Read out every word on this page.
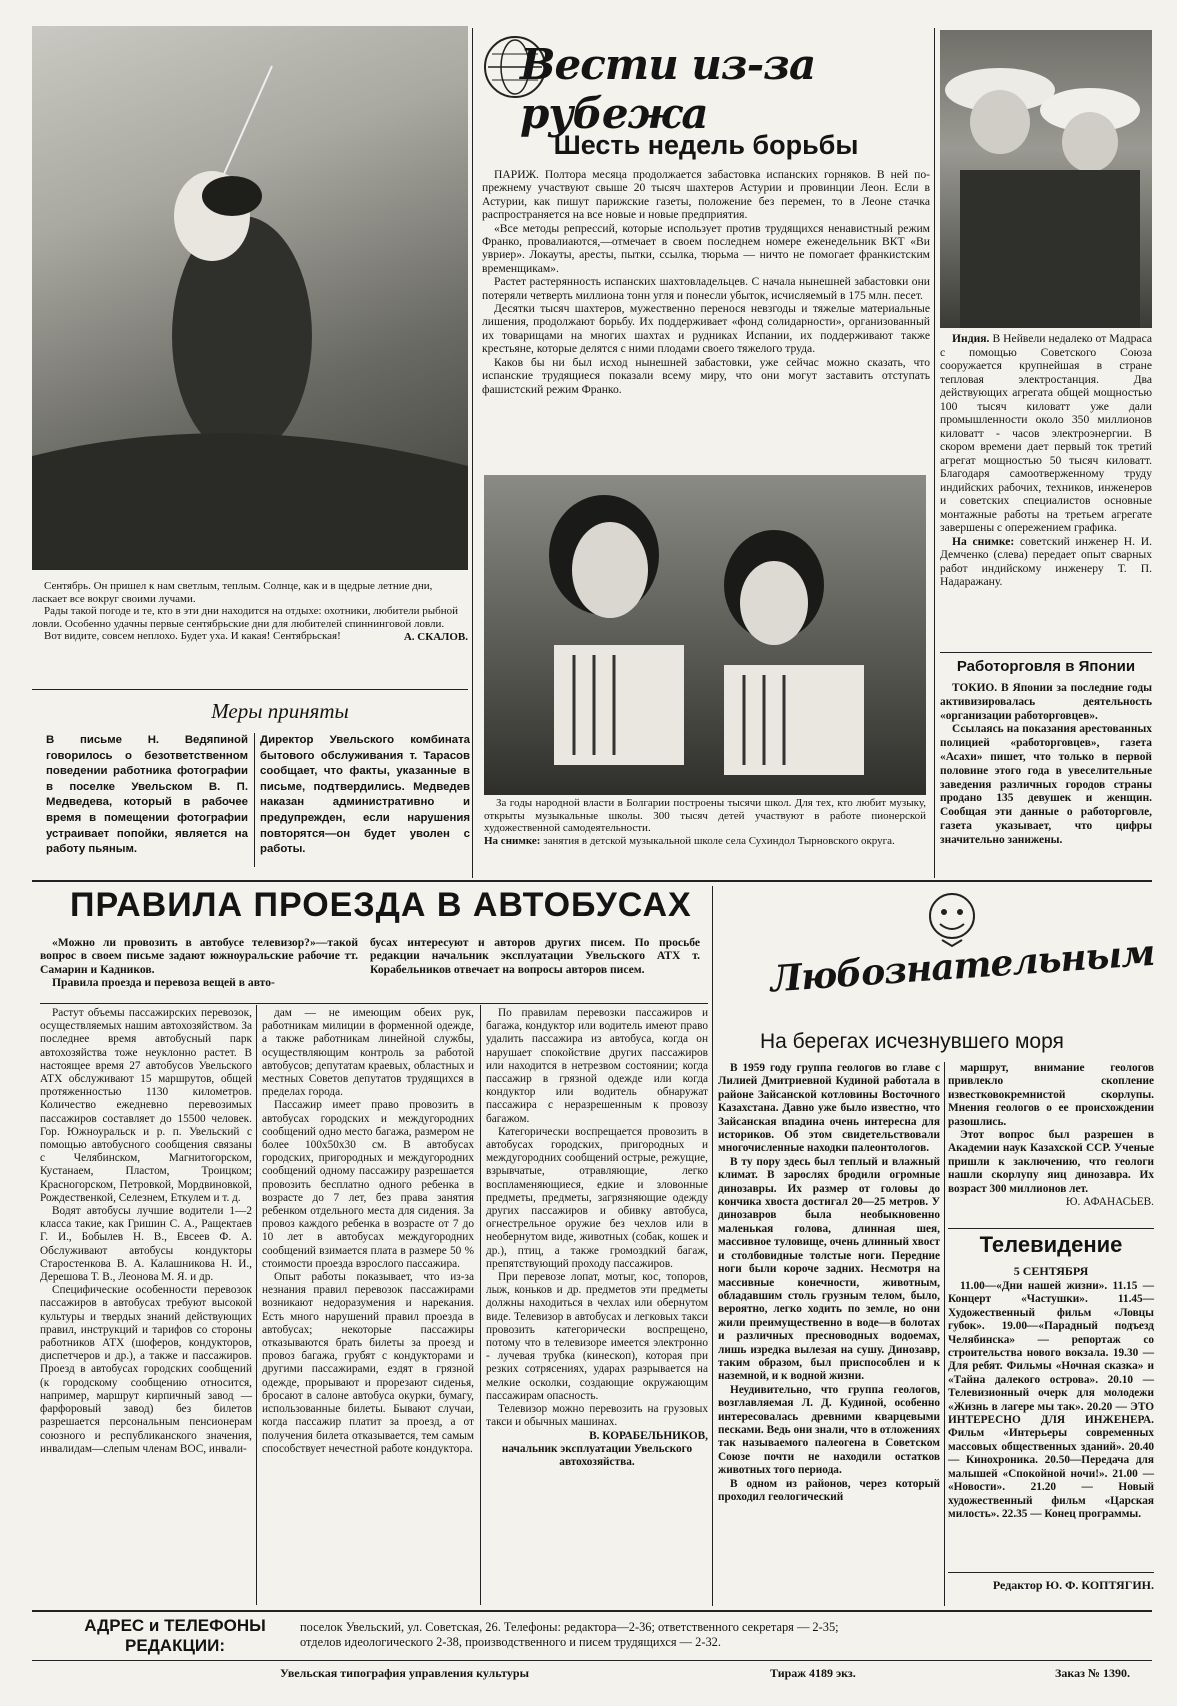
Сентябрь. Он пришел к нам светлым, теплым. Солнце, как и в щедрые летние дни, ласкает все вокруг своими лучами.

Рады такой погоде и те, кто в эти дни находится на отдыхе: охотники, любители рыбной ловли. Особенно удачны первые сентябрьские дни для любителей спиннинговой ловли.

Вот видите, совсем неплохо. Будет уха. И какая! Сентябрьская!	А. СКАЛОВ.
Меры приняты
В письме Н. Ведяпиной говорилось о безответственном поведении работника фотографии в поселке Увельском В. П. Медведева, который в рабочее время в помещении фотографии устраивает попойки, является на работу пьяным.
Директор Увельского комбината бытового обслуживания т. Тарасов сообщает, что факты, указанные в письме, подтвердились. Медведев наказан административно и предупрежден, если нарушения повторятся—он будет уволен с работы.
Вести из-за рубежа
Шесть недель борьбы

ПАРИЖ. Полтора месяца продолжается забастовка испанских горняков. В ней по-прежнему участвуют свыше 20 тысяч шахтеров Астурии и провинции Леон. Если в Астурии, как пишут парижские газеты, положение без перемен, то в Леоне стачка распространяется на все новые и новые предприятия.

«Все методы репрессий, которые использует против трудящихся ненавистный режим Франко, провалиаются,—отмечает в своем последнем номере еженедельник ВКТ «Ви увриер». Локауты, аресты, пытки, ссылка, тюрьма — ничто не помогает франкистским временщикам».

Растет растерянность испанских шахтовладельцев. С начала нынешней забастовки они потеряли четверть миллиона тонн угля и понесли убыток, исчисляемый в 175 млн. песет.

Десятки тысяч шахтеров, мужественно перенося невзгоды и тяжелые материальные лишения, продолжают борьбу. Их поддерживает «фонд солидарности», организованный их товарищами на многих шахтах и рудниках Испании, их поддерживают также крестьяне, которые делятся с ними плодами своего тяжелого труда.

Каков бы ни был исход нынешней забастовки, уже сейчас можно сказать, что испанские трудящиеся показали всему миру, что они могут заставить отступать фашистский режим Франко.

За годы народной власти в Болгарии построены тысячи школ. Для тех, кто любит музыку, открыты музыкальные школы. 300 тысяч детей участвуют в работе пионерской художественной самодеятельности.

На снимке: занятия в детской музыкальной школе села Сухиндол Тырновского округа.

Индия. В Нейвели недалеко от Мадраса с помощью Советского Союза сооружается крупнейшая в стране тепловая электростанция. Два действующих агрегата общей мощностью 100 тысяч киловатт уже дали промышленности около 350 миллионов киловатт - часов электроэнергии. В скором времени дает первый ток третий агрегат мощностью 50 тысяч киловатт. Благодаря самоотверженному труду индийских рабочих, техников, инженеров и советских специалистов основные монтажные работы на третьем агрегате завершены с опережением графика.

На снимке: советский инженер Н. И. Демченко (слева) передает опыт сварных работ индийскому инженеру Т. П. Надаражану.

Работорговля в Японии

ТОКИО. В Японии за последние годы активизировалась деятельность «организации работорговцев».

Ссылаясь на показания арестованных полицией «работорговцев», газета «Асахи» пишет, что только в первой половине этого года в увеселительные заведения различных городов страны продано 135 девушек и женщин. Сообщая эти данные о работорговле, газета указывает, что цифры значительно занижены.

ПРАВИЛА ПРОЕЗДА В АВТОБУСАХ

«Можно ли провозить в автобусе телевизор?»—такой вопрос в своем письме задают южноуральские рабочие тт. Самарин и Кадников.

Правила проезда и перевоза вещей в авто-

бусах интересуют и авторов других писем. По просьбе редакции начальник эксплуатации Увельского АТХ т. Корабельников отвечает на вопросы авторов писем.

Растут объемы пассажирских перевозок, осуществляемых нашим автохозяйством. За последнее время автобусный парк автохозяйства тоже неуклонно растет. В настоящее время 27 автобусов Увельского АТХ обслуживают 15 маршрутов, общей протяженностью 1130 километров. Количество ежедневно перевозимых пассажиров составляет до 15500 человек. Гор. Южноуральск и р. п. Увельский с помощью автобусного сообщения связаны с Челябинском, Магнитогорском, Кустанаем, Пластом, Троицком; Красногорском, Петровкой, Мордвиновкой, Рождественкой, Селезнем, Еткулем и т. д.

Водят автобусы лучшие водители 1—2 класса такие, как Гришин С. А., Ращектаев Г. И., Бобылев Н. В., Евсеев Ф. А. Обслуживают автобусы кондукторы Старостенкова В. А. Калашникова Н. И., Дерешова Т. В., Леонова М. Я. и др.

Специфические особенности перевозок пассажиров в автобусах требуют высокой культуры и твердых знаний действующих правил, инструкций и тарифов со стороны работников АТХ (шоферов, кондукторов, диспетчеров и др.), а также и пассажиров. Проезд в автобусах городских сообщений (к городскому сообщению относится, например, маршрут кирпичный завод — фарфоровый завод) без билетов разрешается персональным пенсионерам союзного и республиканского значения, инвалидам—слепым членам ВОС, инвали-

дам — не имеющим обеих рук, работникам милиции в форменной одежде, а также работникам линейной службы, осуществляющим контроль за работой автобусов; депутатам краевых, областных и местных Советов депутатов трудящихся в пределах города.

Пассажир имеет право провозить в автобусах городских и междугородних сообщений одно место багажа, размером не более 100х50х30 см. В автобусах городских, пригородных и междугородних сообщений одному пассажиру разрешается провозить бесплатно одного ребенка в возрасте до 7 лет, без права занятия ребенком отдельного места для сидения. За провоз каждого ребенка в возрасте от 7 до 10 лет в автобусах междугородних сообщений взимается плата в размере 50 % стоимости проезда взрослого пассажира.

Опыт работы показывает, что из-за незнания правил перевозок пассажирами возникают недоразумения и нарекания. Есть много нарушений правил проезда в автобусах; некоторые пассажиры отказываются брать билеты за проезд и провоз багажа, грубят с кондукторами и другими пассажирами, ездят в грязной одежде, прорывают и прорезают сиденья, бросают в салоне автобуса окурки, бумагу, использованные билеты. Бывают случаи, когда пассажир платит за проезд, а от получения билета отказывается, тем самым способствует нечестной работе кондуктора.

По правилам перевозки пассажиров и багажа, кондуктор или водитель имеют право удалить пассажира из автобуса, когда он нарушает спокойствие других пассажиров или находится в нетрезвом состоянии; когда пассажир в грязной одежде или когда кондуктор или водитель обнаружат пассажира с неразрешенным к провозу багажом.

Категорически воспрещается провозить в автобусах городских, пригородных и междугородних сообщений острые, режущие, взрывчатые, отравляющие, легко воспламеняющиеся, едкие и зловонные предметы, предметы, загрязняющие одежду других пассажиров и обивку автобуса, огнестрельное оружие без чехлов или в необернутом виде, животных (собак, кошек и др.), птиц, а также громоздкий багаж, препятствующий проходу пассажиров.

При перевозе лопат, мотыг, кос, топоров, лыж, коньков и др. предметов эти предметы должны находиться в чехлах или обернутом виде. Телевизор в автобусах и легковых такси провозить категорически воспрещено, потому что в телевизоре имеется электронно - лучевая трубка (кинескоп), которая при резких сотрясениях, ударах разрывается на мелкие осколки, создающие окружающим пассажирам опасность.

Телевизор можно перевозить на грузовых такси и обычных машинах.

В. КОРАБЕЛЬНИКОВ,
начальник эксплуатации Увельского автохозяйства.
Любознательным
На берегах исчезнувшего моря

В 1959 году группа геологов во главе с Лилией Дмитриевной Кудиной работала в районе Зайсанской котловины Восточного Казахстана. Давно уже было известно, что Зайсанская впадина очень интересна для историков. Об этом свидетельствовали многочисленные находки палеонтологов.

В ту пору здесь был теплый и влажный климат. В зарослях бродили огромные динозавры. Их размер от головы до кончика хвоста достигал 20—25 метров. У динозавров была необыкновенно маленькая голова, длинная шея, массивное туловище, очень длинный хвост и столбовидные толстые ноги. Передние ноги были короче задних. Несмотря на массивные конечности, животным, обладавшим столь грузным телом, было, вероятно, легко ходить по земле, но они жили преимущественно в воде—в болотах и различных пресноводных водоемах, лишь изредка вылезая на сушу. Динозавр, таким образом, был приспособлен и к наземной, и к водной жизни.

Неудивительно, что группа геологов, возглавляемая Л. Д. Кудиной, особенно интересовалась древними кварцевыми песками. Ведь они знали, что в отложениях так называемого палеогена в Советском Союзе почти не находили остатков животных того периода.

В одном из районов, через который проходил геологический

маршрут, внимание геологов привлекло скопление известковокремнистой скорлупы. Мнения геологов о ее происхождении разошлись.

Этот вопрос был разрешен в Академии наук Казахской ССР. Ученые пришли к заключению, что геологи нашли скорлупу яиц динозавра. Их возраст 300 миллионов лет.

Ю. АФАНАСЬЕВ.
Телевидение
5 СЕНТЯБРЯ
11.00—«Дни нашей жизни». 11.15 — Концерт «Частушки». 11.45—Художественный фильм «Ловцы губок». 19.00—«Парадный подъезд Челябинска» — репортаж со строительства нового вокзала. 19.30 — Для ребят. Фильмы «Ночная сказка» и «Тайна далекого острова». 20.10 — Телевизионный очерк для молодежи «Жизнь в лагере мы так». 20.20 — ЭТО ИНТЕРЕСНО ДЛЯ ИНЖЕНЕРА. Фильм «Интерьеры современных массовых общественных зданий». 20.40 — Кинохроника. 20.50—Передача для малышей «Спокойной ночи!». 21.00 — «Новости». 21.20 — Новый художественный фильм «Царская милость». 22.35 — Конец программы.
Редактор Ю. Ф. КОПТЯГИН.
АДРЕС и ТЕЛЕФОНЫ
РЕДАКЦИИ:
поселок Увельский, ул. Советская, 26. Телефоны: редактора—2-36; ответственного секретаря — 2-35;
отделов идеологического 2-38, производственного и писем трудящихся — 2-32.
Увельская типография управления культуры	Тираж 4189 экз.	Заказ № 1390.
